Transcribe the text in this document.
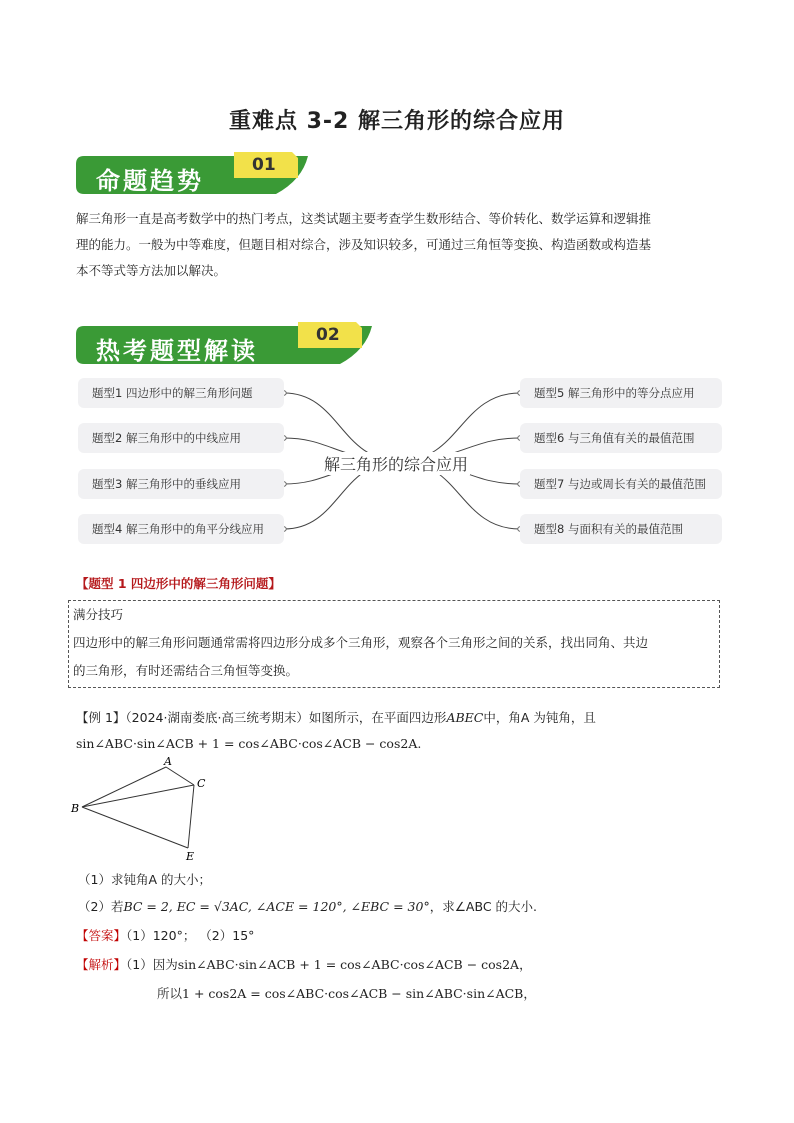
重难点 3-2 解三角形的综合应用
命题趋势
01
解三角形一直是高考数学中的热门考点，这类试题主要考查学生数形结合、等价转化、数学运算和逻辑推
理的能力。一般为中等难度，但题目相对综合，涉及知识较多，可通过三角恒等变换、构造函数或构造基
本不等式等方法加以解决。
热考题型解读
02
解三角形的综合应用
题型1 四边形中的解三角形问题
题型2 解三角形中的中线应用
题型3 解三角形中的垂线应用
题型4 解三角形中的角平分线应用
题型5 解三角形中的等分点应用
题型6 与三角值有关的最值范围
题型7 与边或周长有关的最值范围
题型8 与面积有关的最值范围
【题型 1 四边形中的解三角形问题】
满分技巧
四边形中的解三角形问题通常需将四边形分成多个三角形，观察各个三角形之间的关系，找出同角、共边
的三角形，有时还需结合三角恒等变换。
【例 1】（2024·湖南娄底·高三统考期末）如图所示，在平面四边形ABEC中，角A 为钝角，且
sin∠ABC·sin∠ACB + 1 = cos∠ABC·cos∠ACB − cos2A.
A
B
C
E
（1）求钝角A 的大小；
（2）若BC = 2, EC = √3AC, ∠ACE = 120°, ∠EBC = 30°，求∠ABC 的大小.
【答案】（1）120°； （2）15°
【解析】（1）因为sin∠ABC·sin∠ACB + 1 = cos∠ABC·cos∠ACB − cos2A，
所以1 + cos2A = cos∠ABC·cos∠ACB − sin∠ABC·sin∠ACB，
